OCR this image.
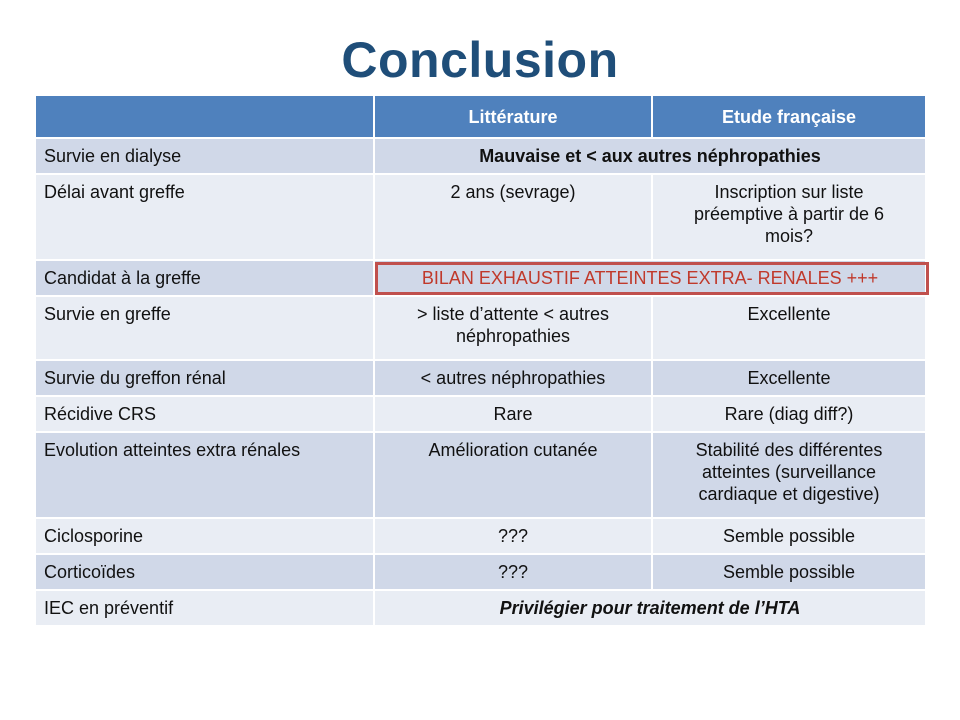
Conclusion
	Littérature	Etude française
Survie en dialyse	Mauvaise et < aux autres néphropathies	
Délai avant greffe	2 ans (sevrage)	Inscription sur liste préemptive à partir de 6 mois?
Candidat à la greffe	BILAN EXHAUSTIF ATTEINTES EXTRA- RENALES +++	

Survie en greffe	> liste d’attente < autres néphropathies	Excellente
Survie du greffon rénal	< autres néphropathies	Excellente
Récidive CRS	Rare	Rare (diag diff?)
Evolution atteintes extra rénales	Amélioration cutanée	Stabilité des différentes atteintes (surveillance cardiaque et digestive)
Ciclosporine	???	Semble possible
Corticoïdes	???	Semble possible
IEC en préventif	Privilégier pour traitement de l’HTA	
